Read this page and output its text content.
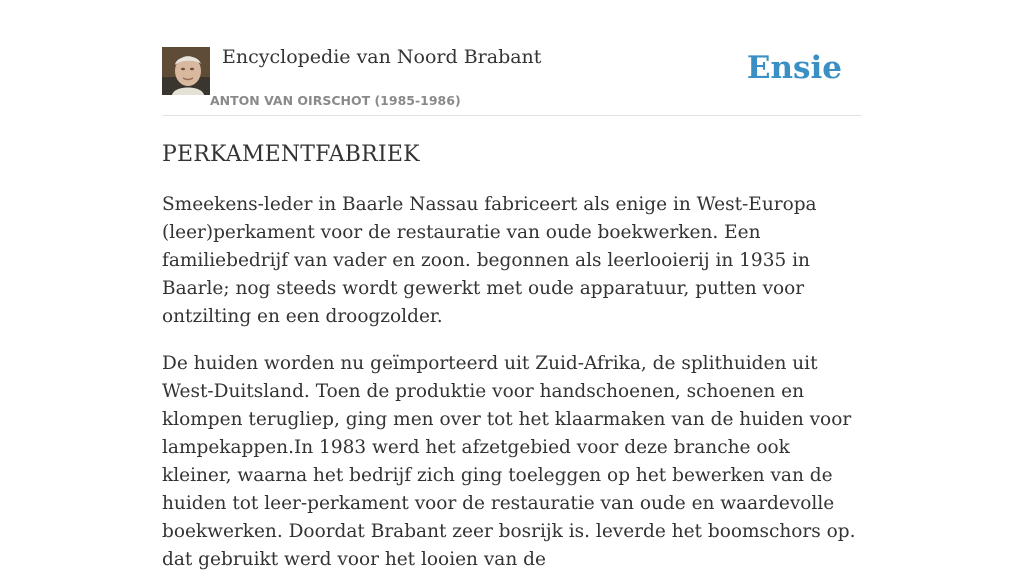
Encyclopedie van Noord Brabant
ANTON VAN OIRSCHOT (1985-1986)
Ensie
PERKAMENTFABRIEK

Smeekens-leder in Baarle Nassau fabriceert als enige in West-Europa (leer)perkament voor de restauratie van oude boekwerken. Een familiebedrijf van vader en zoon. begonnen als leerlooierij in 1935 in Baarle; nog steeds wordt gewerkt met oude apparatuur, putten voor ontzilting en een droogzolder.

De huiden worden nu geïmporteerd uit Zuid-Afrika, de splithuiden uit West-Duitsland. Toen de produktie voor handschoenen, schoenen en klompen terugliep, ging men over tot het klaarmaken van de huiden voor lampekappen.In 1983 werd het afzetgebied voor deze branche ook kleiner, waarna het bedrijf zich ging toeleggen op het bewerken van de huiden tot leer-perkament voor de restauratie van oude en waardevolle boekwerken. Doordat Brabant zeer bosrijk is. leverde het boomschors op. dat gebruikt werd voor het looien van de
